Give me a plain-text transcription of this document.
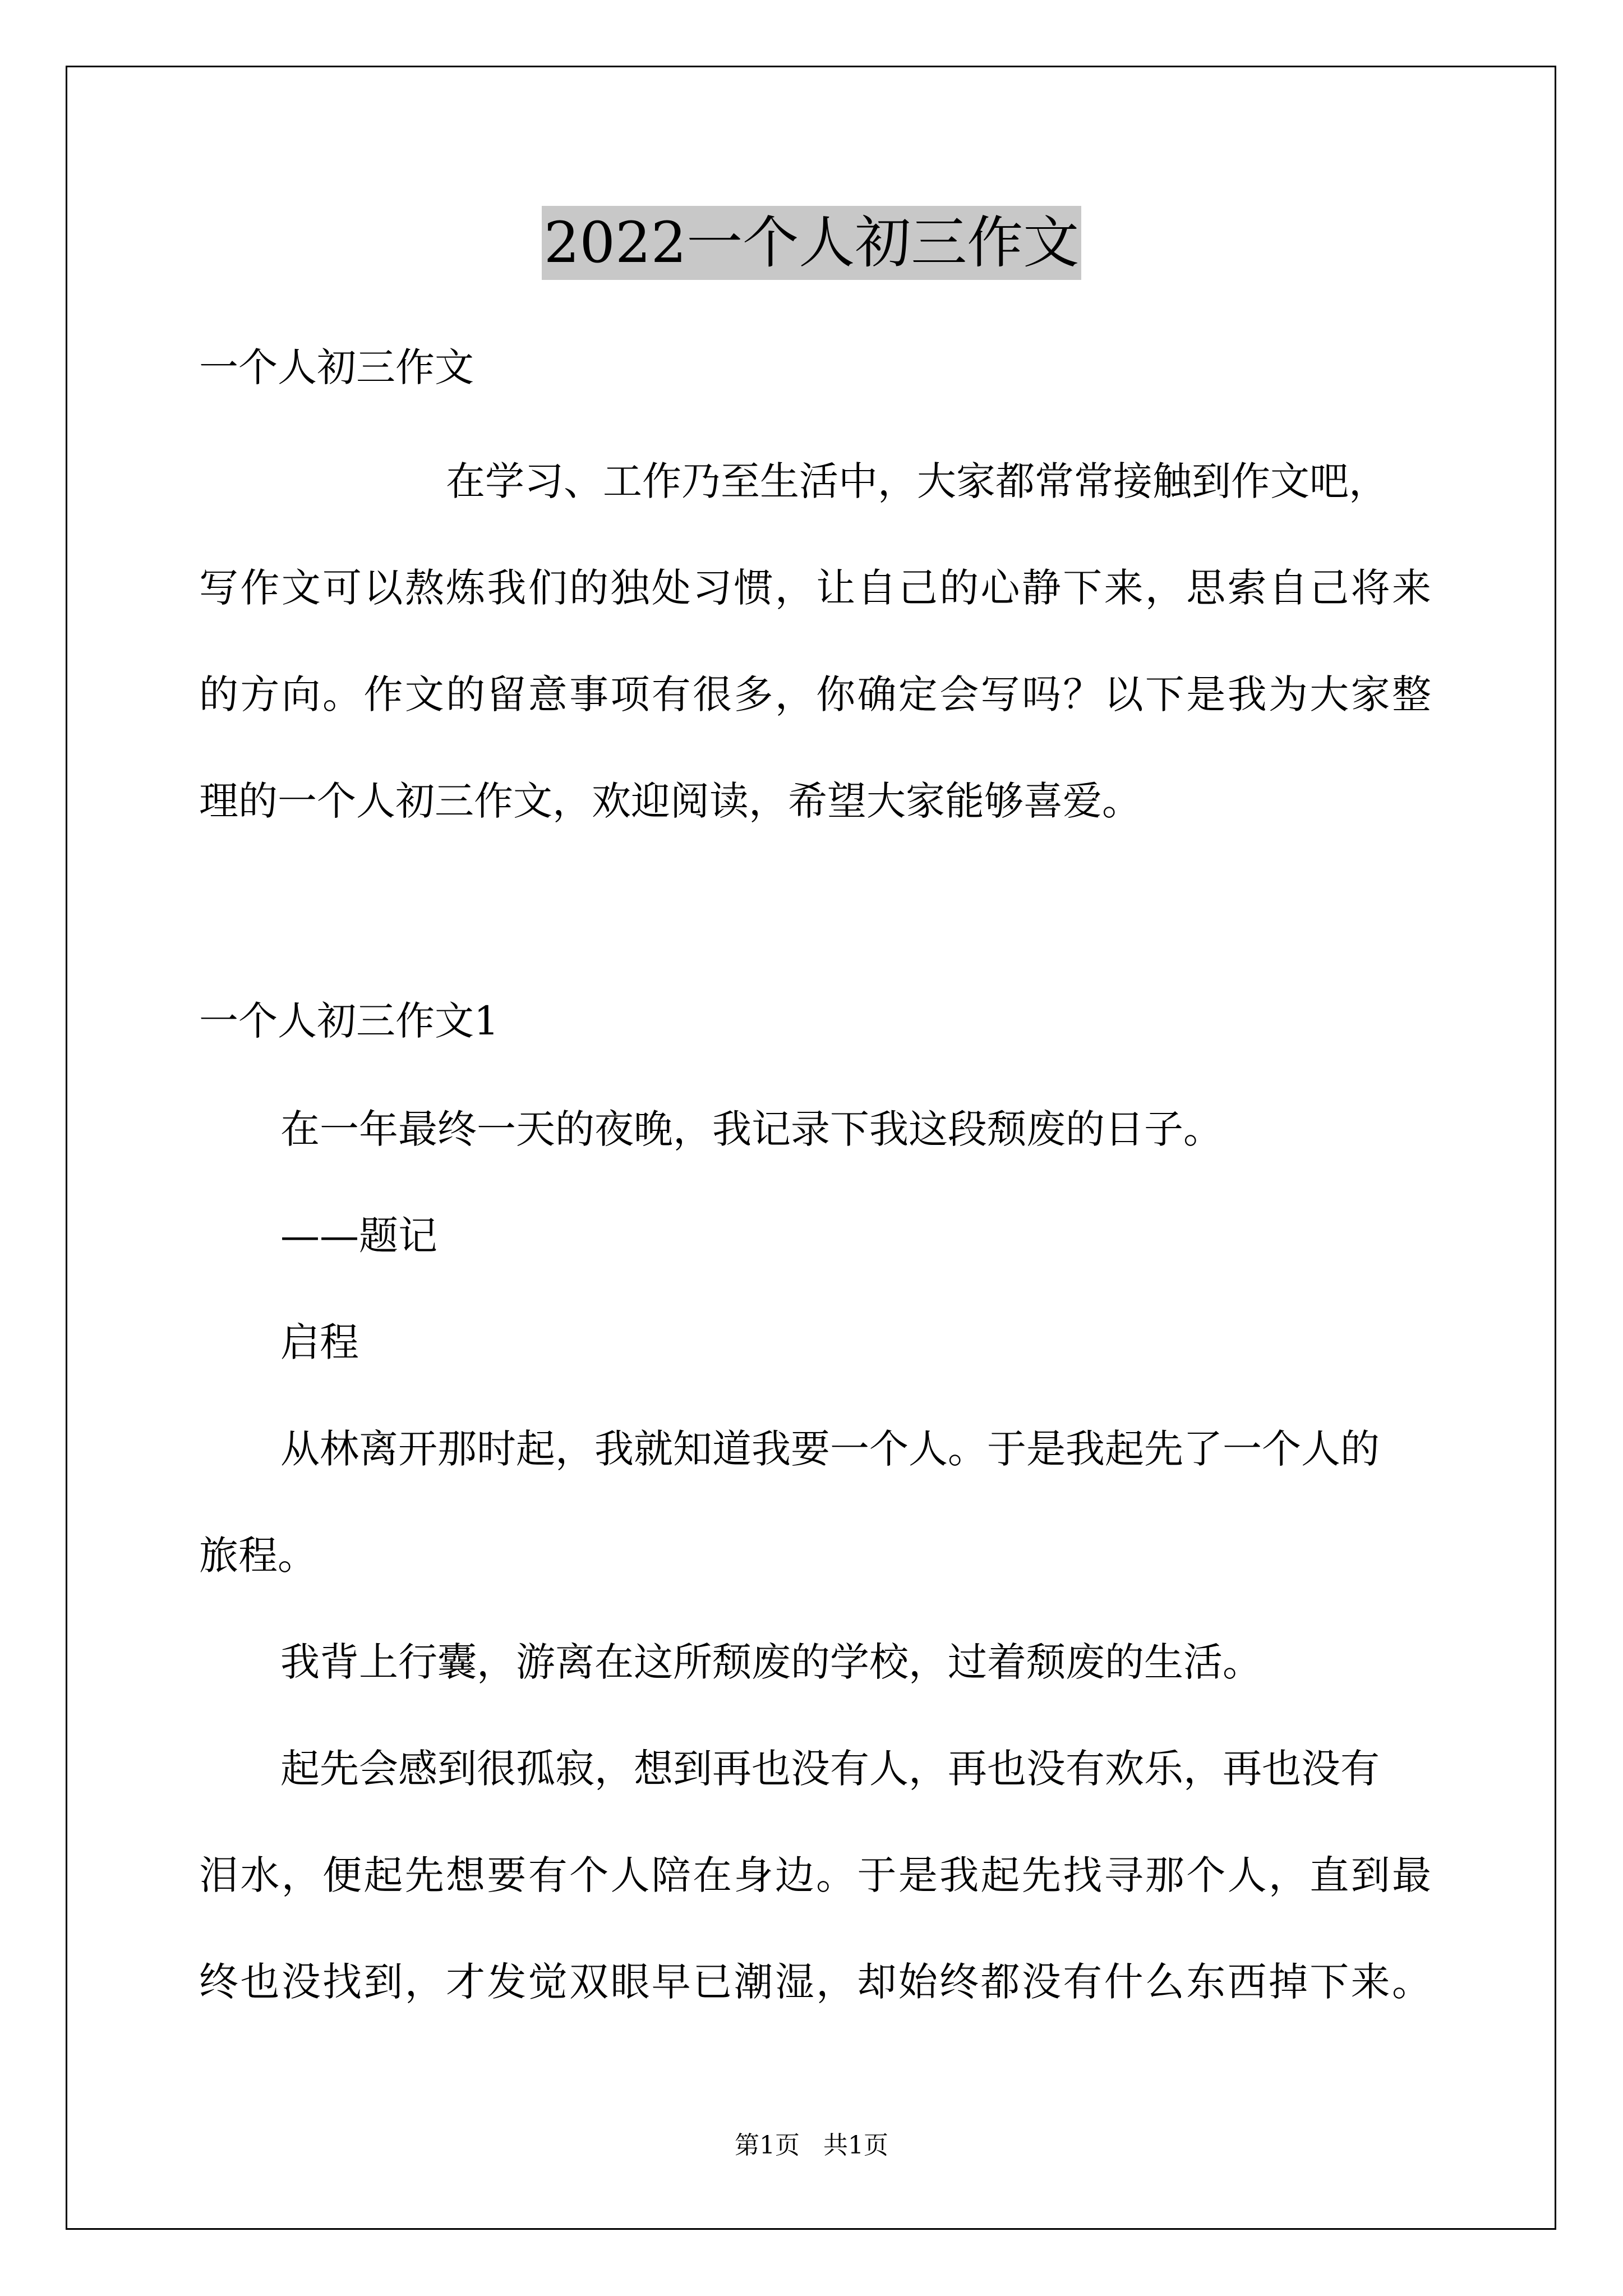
2022一个人初三作文
一个人初三作文
在学习、工作乃至生活中，大家都常常接触到作文吧，
写作文可以熬炼我们的独处习惯，让自己的心静下来，思索自己将来
的方向。作文的留意事项有很多，你确定会写吗？以下是我为大家整
理的一个人初三作文，欢迎阅读，希望大家能够喜爱。
一个人初三作文1
在一年最终一天的夜晚，我记录下我这段颓废的日子。
——题记
启程
从林离开那时起，我就知道我要一个人。于是我起先了一个人的
旅程。
我背上行囊，游离在这所颓废的学校，过着颓废的生活。
起先会感到很孤寂，想到再也没有人，再也没有欢乐，再也没有
泪水，便起先想要有个人陪在身边。于是我起先找寻那个人，直到最
终也没找到，才发觉双眼早已潮湿，却始终都没有什么东西掉下来。
第1页   共1页
